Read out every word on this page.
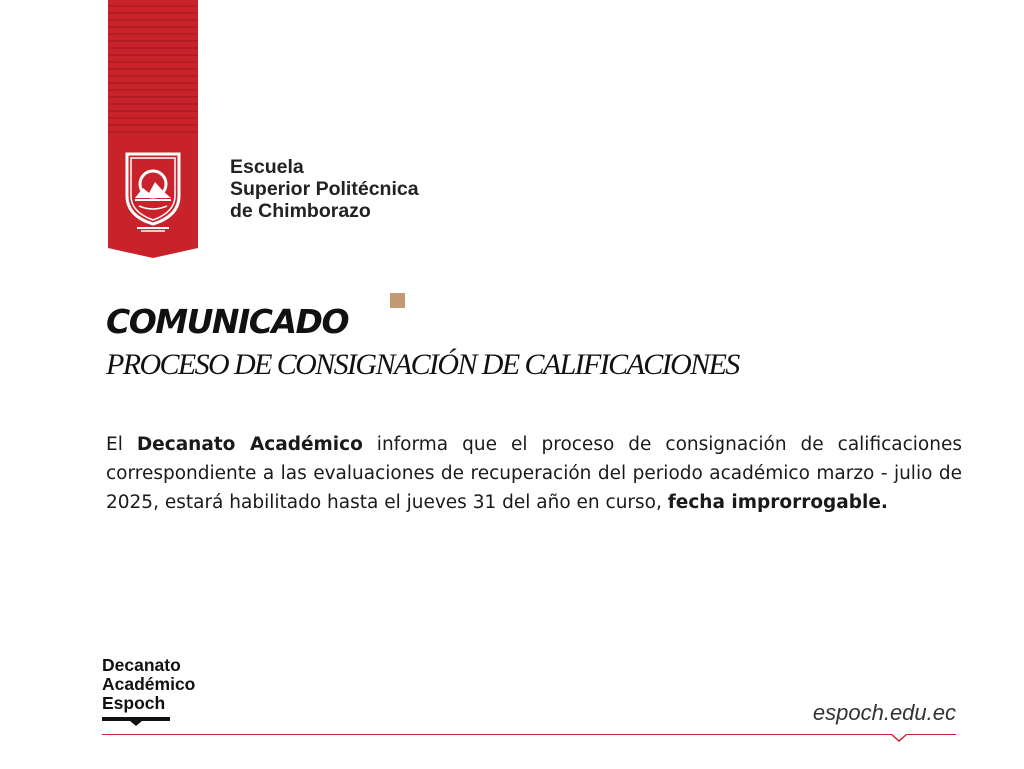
Escuela
Superior Politécnica
de Chimborazo
COMUNICADO
PROCESO DE CONSIGNACIÓN DE CALIFICACIONES
El Decanato Académico informa que el proceso de consignación de calificaciones correspondiente a las evaluaciones de recuperación del periodo académico marzo - julio de 2025, estará habilitado hasta el jueves 31 del año en curso, fecha improrrogable.
Decanato
Académico
Espoch	espoch.edu.ec
